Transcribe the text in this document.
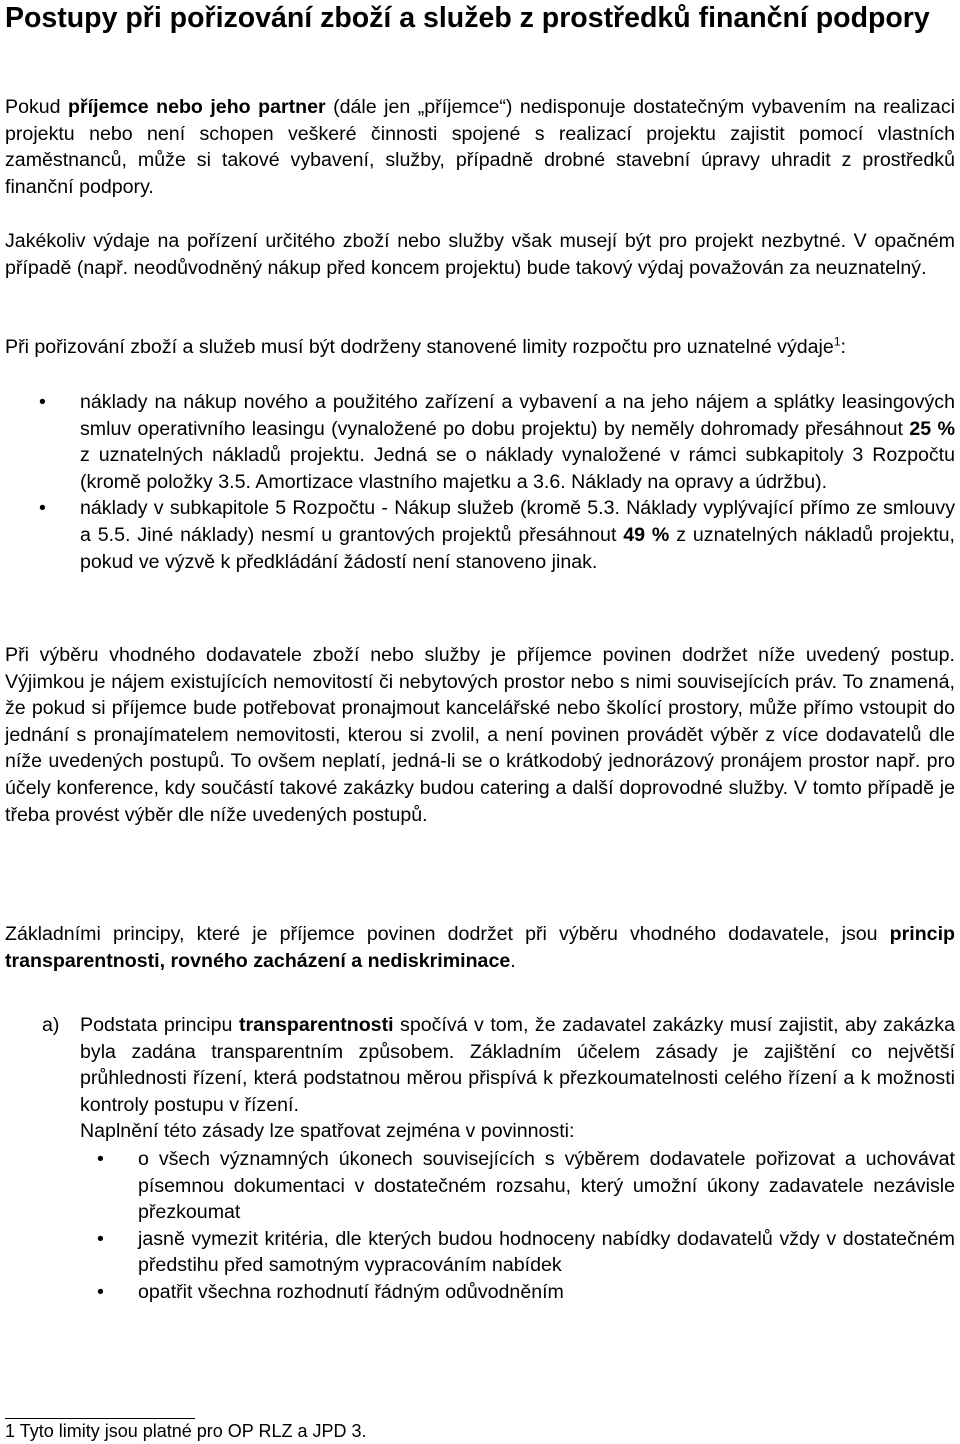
Postupy při pořizování zboží a služeb z prostředků finanční podpory

Pokud příjemce nebo jeho partner (dále jen „příjemce“) nedisponuje dostatečným vybavením na realizaci projektu nebo není schopen veškeré činnosti spojené s realizací projektu zajistit pomocí vlastních zaměstnanců, může si takové vybavení, služby, případně drobné stavební úpravy uhradit z prostředků finanční podpory.

Jakékoliv výdaje na pořízení určitého zboží nebo služby však musejí být pro projekt nezbytné. V opačném případě (např. neodůvodněný nákup před koncem projektu) bude takový výdaj považován za neuznatelný.

Při pořizování zboží a služeb musí být dodrženy stanovené limity rozpočtu pro uznatelné výdaje$^1$:

• náklady na nákup nového a použitého zařízení a vybavení a na jeho nájem a splátky leasingových smluv operativního leasingu (vynaložené po dobu projektu) by neměly dohromady přesáhnout 25 % z uznatelných nákladů projektu. Jedná se o náklady vynaložené v rámci subkapitoly 3 Rozpočtu (kromě položky 3.5. Amortizace vlastního majetku a 3.6. Náklady na opravy a údržbu).
• náklady v subkapitole 5 Rozpočtu - Nákup služeb (kromě 5.3. Náklady vyplývající přímo ze smlouvy a 5.5. Jiné náklady) nesmí u grantových projektů přesáhnout 49 % z uznatelných nákladů projektu, pokud ve výzvě k předkládání žádostí není stanoveno jinak.

Při výběru vhodného dodavatele zboží nebo služby je příjemce povinen dodržet níže uvedený postup. Výjimkou je nájem existujících nemovitostí či nebytových prostor nebo s nimi souvisejících práv. To znamená, že pokud si příjemce bude potřebovat pronajmout kancelářské nebo školící prostory, může přímo vstoupit do jednání s pronajímatelem nemovitosti, kterou si zvolil, a není povinen provádět výběr z více dodavatelů dle níže uvedených postupů. To ovšem neplatí, jedná-li se o krátkodobý jednorázový pronájem prostor např. pro účely konference, kdy součástí takové zakázky budou catering a další doprovodné služby. V tomto případě je třeba provést výběr dle níže uvedených postupů.

Základními principy, které je příjemce povinen dodržet při výběru vhodného dodavatele, jsou princip transparentnosti, rovného zacházení a nediskriminace.

a) Podstata principu transparentnosti spočívá v tom, že zadavatel zakázky musí zajistit, aby zakázka byla zadána transparentním způsobem. Základním účelem zásady je zajištění co největší průhlednosti řízení, která podstatnou měrou přispívá k přezkoumatelnosti celého řízení a k možnosti kontroly postupu v řízení.
Naplnění této zásady lze spatřovat zejména v povinnosti:
• o všech významných úkonech souvisejících s výběrem dodavatele pořizovat a uchovávat písemnou dokumentaci v dostatečném rozsahu, který umožní úkony zadavatele nezávisle přezkoumat
• jasně vymezit kritéria, dle kterých budou hodnoceny nabídky dodavatelů vždy v dostatečném předstihu před samotným vypracováním nabídek
• opatřit všechna rozhodnutí řádným odůvodněním

1 Tyto limity jsou platné pro OP RLZ a JPD 3.
